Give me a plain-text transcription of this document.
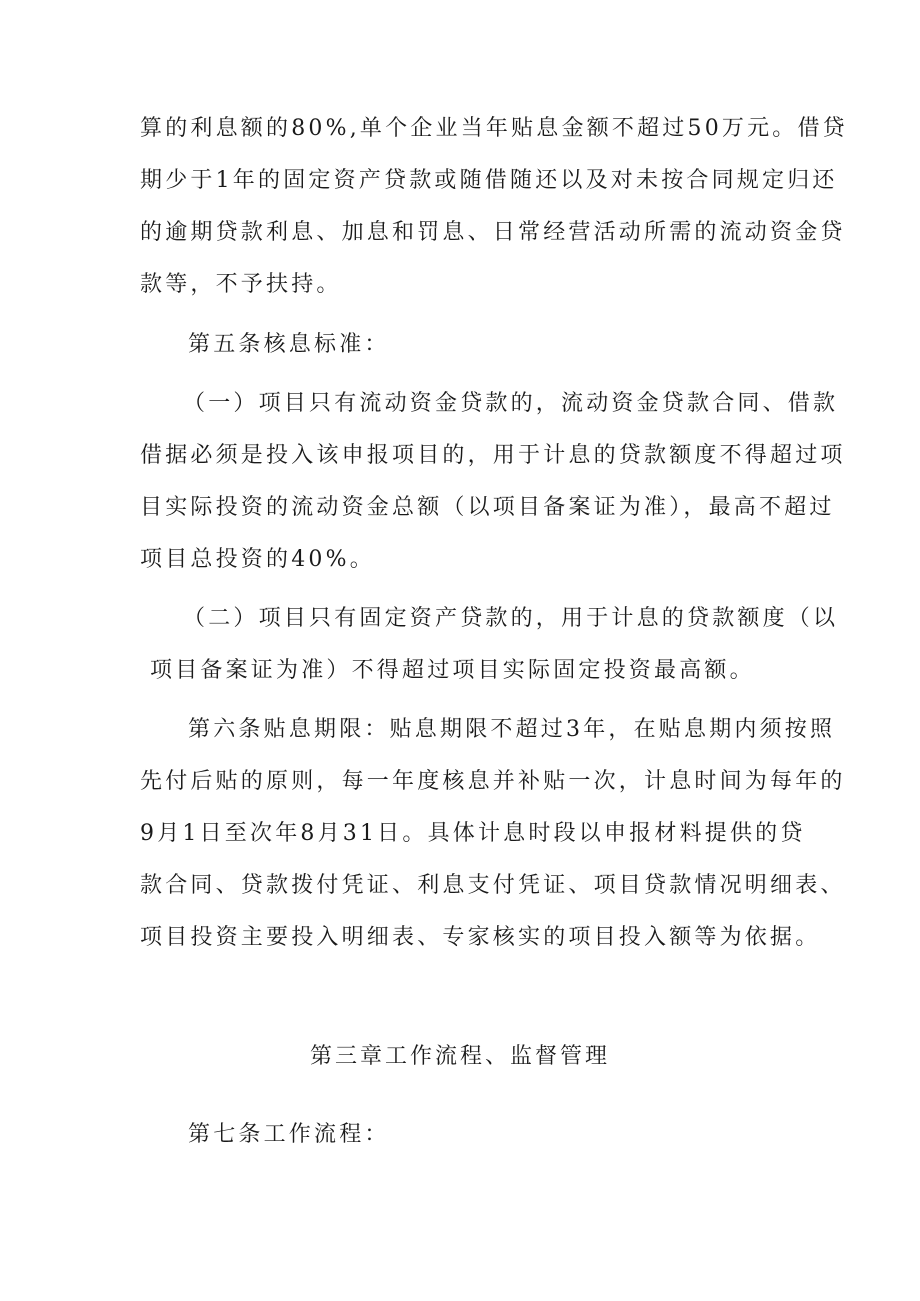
算的利息额的80%,单个企业当年贴息金额不超过50万元。借贷
期少于1年的固定资产贷款或随借随还以及对未按合同规定归还
的逾期贷款利息、加息和罚息、日常经营活动所需的流动资金贷
款等，不予扶持。
第五条核息标准：
（一）项目只有流动资金贷款的，流动资金贷款合同、借款
借据必须是投入该申报项目的，用于计息的贷款额度不得超过项
目实际投资的流动资金总额（以项目备案证为准），最高不超过
项目总投资的40%。
（二）项目只有固定资产贷款的，用于计息的贷款额度（以
项目备案证为准）不得超过项目实际固定投资最高额。
第六条贴息期限：贴息期限不超过3年，在贴息期内须按照
先付后贴的原则，每一年度核息并补贴一次，计息时间为每年的
9月1日至次年8月31日。具体计息时段以申报材料提供的贷
款合同、贷款拨付凭证、利息支付凭证、项目贷款情况明细表、
项目投资主要投入明细表、专家核实的项目投入额等为依据。
第三章工作流程、监督管理
第七条工作流程：
